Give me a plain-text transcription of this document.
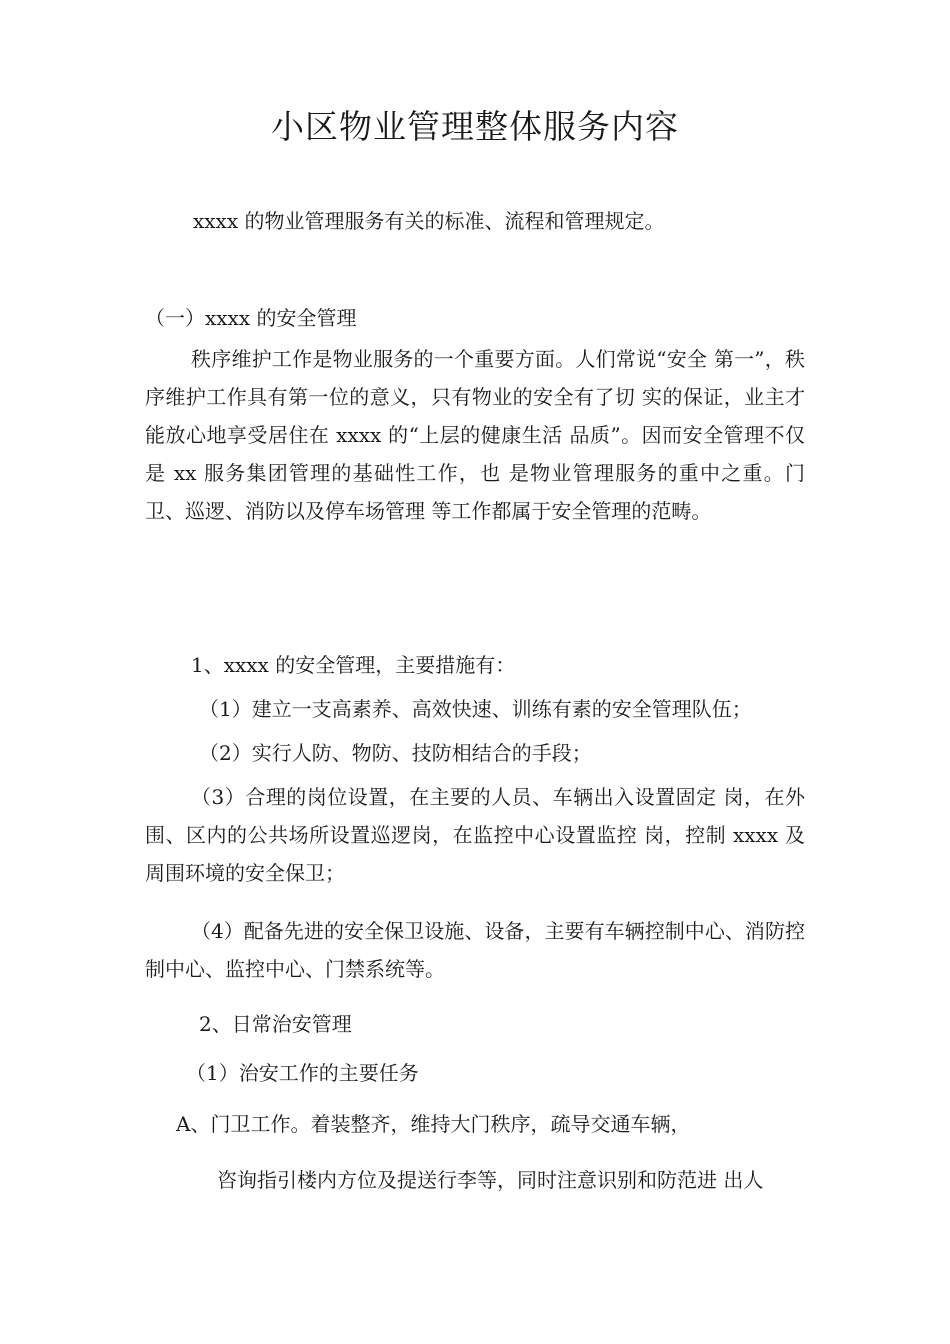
小区物业管理整体服务内容

xxxx 的物业管理服务有关的标准、流程和管理规定。

（一）xxxx 的安全管理

秩序维护工作是物业服务的一个重要方面。人们常说“安全 第一”，秩序维护工作具有第一位的意义，只有物业的安全有了切 实的保证，业主才能放心地享受居住在 xxxx 的“上层的健康生活 品质”。因而安全管理不仅是 xx 服务集团管理的基础性工作，也 是物业管理服务的重中之重。门卫、巡逻、消防以及停车场管理 等工作都属于安全管理的范畴。

1、xxxx 的安全管理，主要措施有：

（1）建立一支高素养、高效快速、训练有素的安全管理队伍；

（2）实行人防、物防、技防相结合的手段；

（3）合理的岗位设置，在主要的人员、车辆出入设置固定 岗，在外围、区内的公共场所设置巡逻岗，在监控中心设置监控 岗，控制 xxxx 及周围环境的安全保卫；

（4）配备先进的安全保卫设施、设备，主要有车辆控制中心、消防控制中心、监控中心、门禁系统等。

2、日常治安管理

（1）治安工作的主要任务

A、门卫工作。着装整齐，维持大门秩序，疏导交通车辆，

咨询指引楼内方位及提送行李等，同时注意识别和防范进 出人
